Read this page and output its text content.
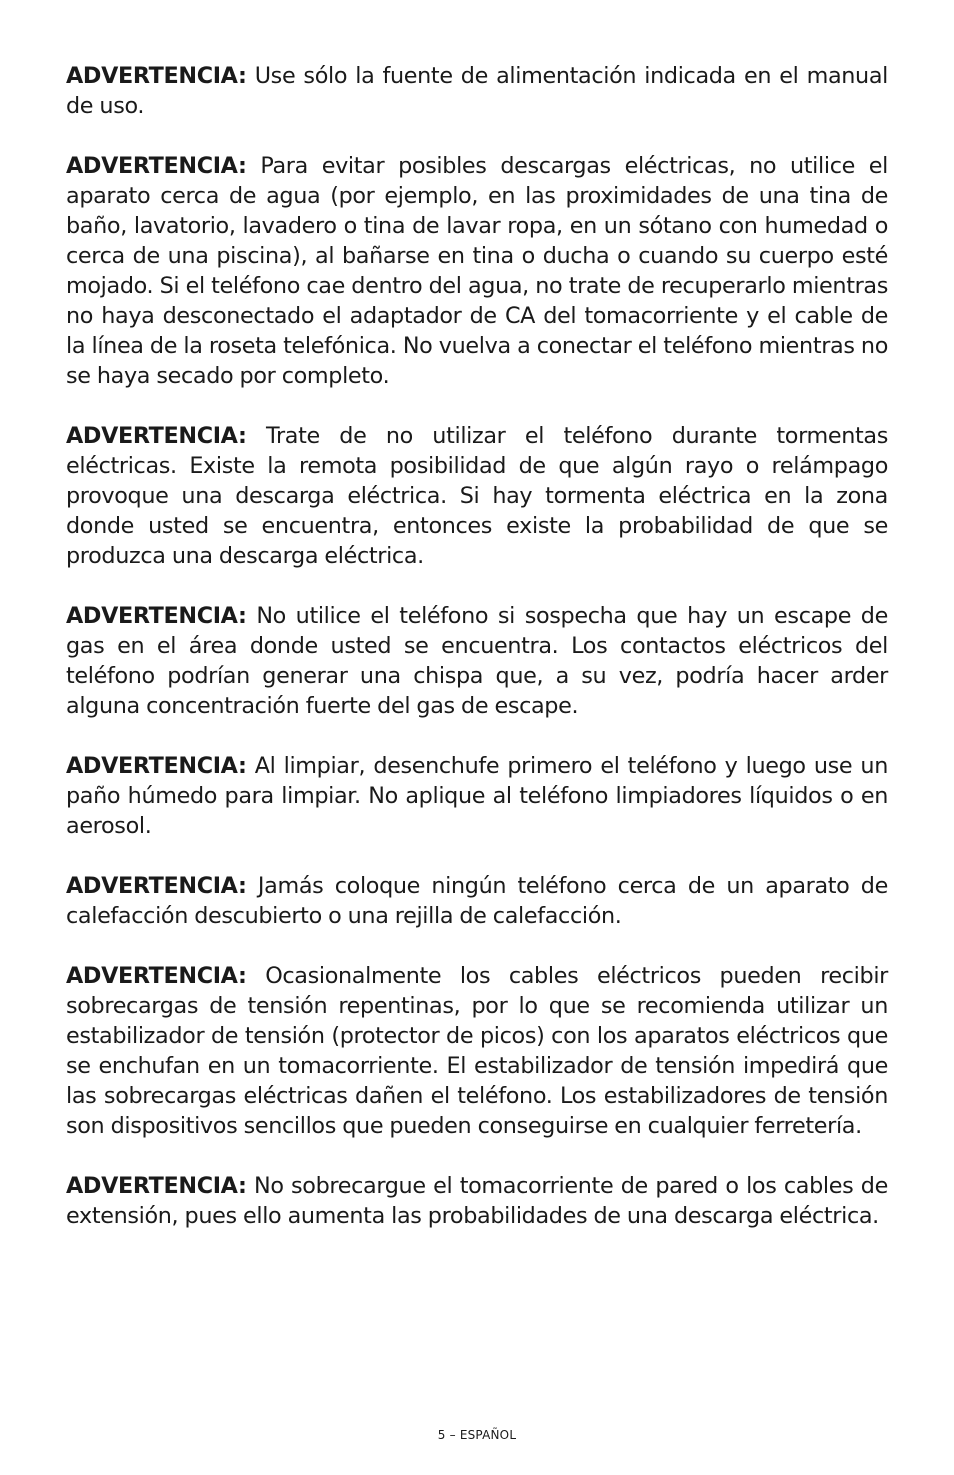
ADVERTENCIA: Use sólo la fuente de alimentación indicada en el manual de uso.

ADVERTENCIA: Para evitar posibles descargas eléctricas, no utilice el aparato cerca de agua (por ejemplo, en las proximidades de una tina de baño, lavatorio, lavadero o tina de lavar ropa, en un sótano con humedad o cerca de una piscina), al bañarse en tina o ducha o cuando su cuerpo esté mojado. Si el teléfono cae dentro del agua, no trate de recuperarlo mientras no haya desconectado el adaptador de CA del tomacorriente y el cable de la línea de la roseta telefónica. No vuelva a conectar el teléfono mientras no se haya secado por completo.

ADVERTENCIA: Trate de no utilizar el teléfono durante tormentas eléctricas. Existe la remota posibilidad de que algún rayo o relámpago provoque una descarga eléctrica. Si hay tormenta eléctrica en la zona donde usted se encuentra, entonces existe la probabilidad de que se produzca una descarga eléctrica.

ADVERTENCIA: No utilice el teléfono si sospecha que hay un escape de gas en el área donde usted se encuentra. Los contactos eléctricos del teléfono podrían generar una chispa que, a su vez, podría hacer arder alguna concentración fuerte del gas de escape.

ADVERTENCIA: Al limpiar, desenchufe primero el teléfono y luego use un paño húmedo para limpiar. No aplique al teléfono limpiadores líquidos o en aerosol.

ADVERTENCIA: Jamás coloque ningún teléfono cerca de un aparato de calefacción descubierto o una rejilla de calefacción.

ADVERTENCIA: Ocasionalmente los cables eléctricos pueden recibir sobrecargas de tensión repentinas, por lo que se recomienda utilizar un estabilizador de tensión (protector de picos) con los aparatos eléctricos que se enchufan en un tomacorriente. El estabilizador de tensión impedirá que las sobrecargas eléctricas dañen el teléfono. Los estabilizadores de tensión son dispositivos sencillos que pueden conseguirse en cualquier ferretería.

ADVERTENCIA: No sobrecargue el tomacorriente de pared o los cables de extensión, pues ello aumenta las probabilidades de una descarga eléctrica.

5 – ESPAÑOL
